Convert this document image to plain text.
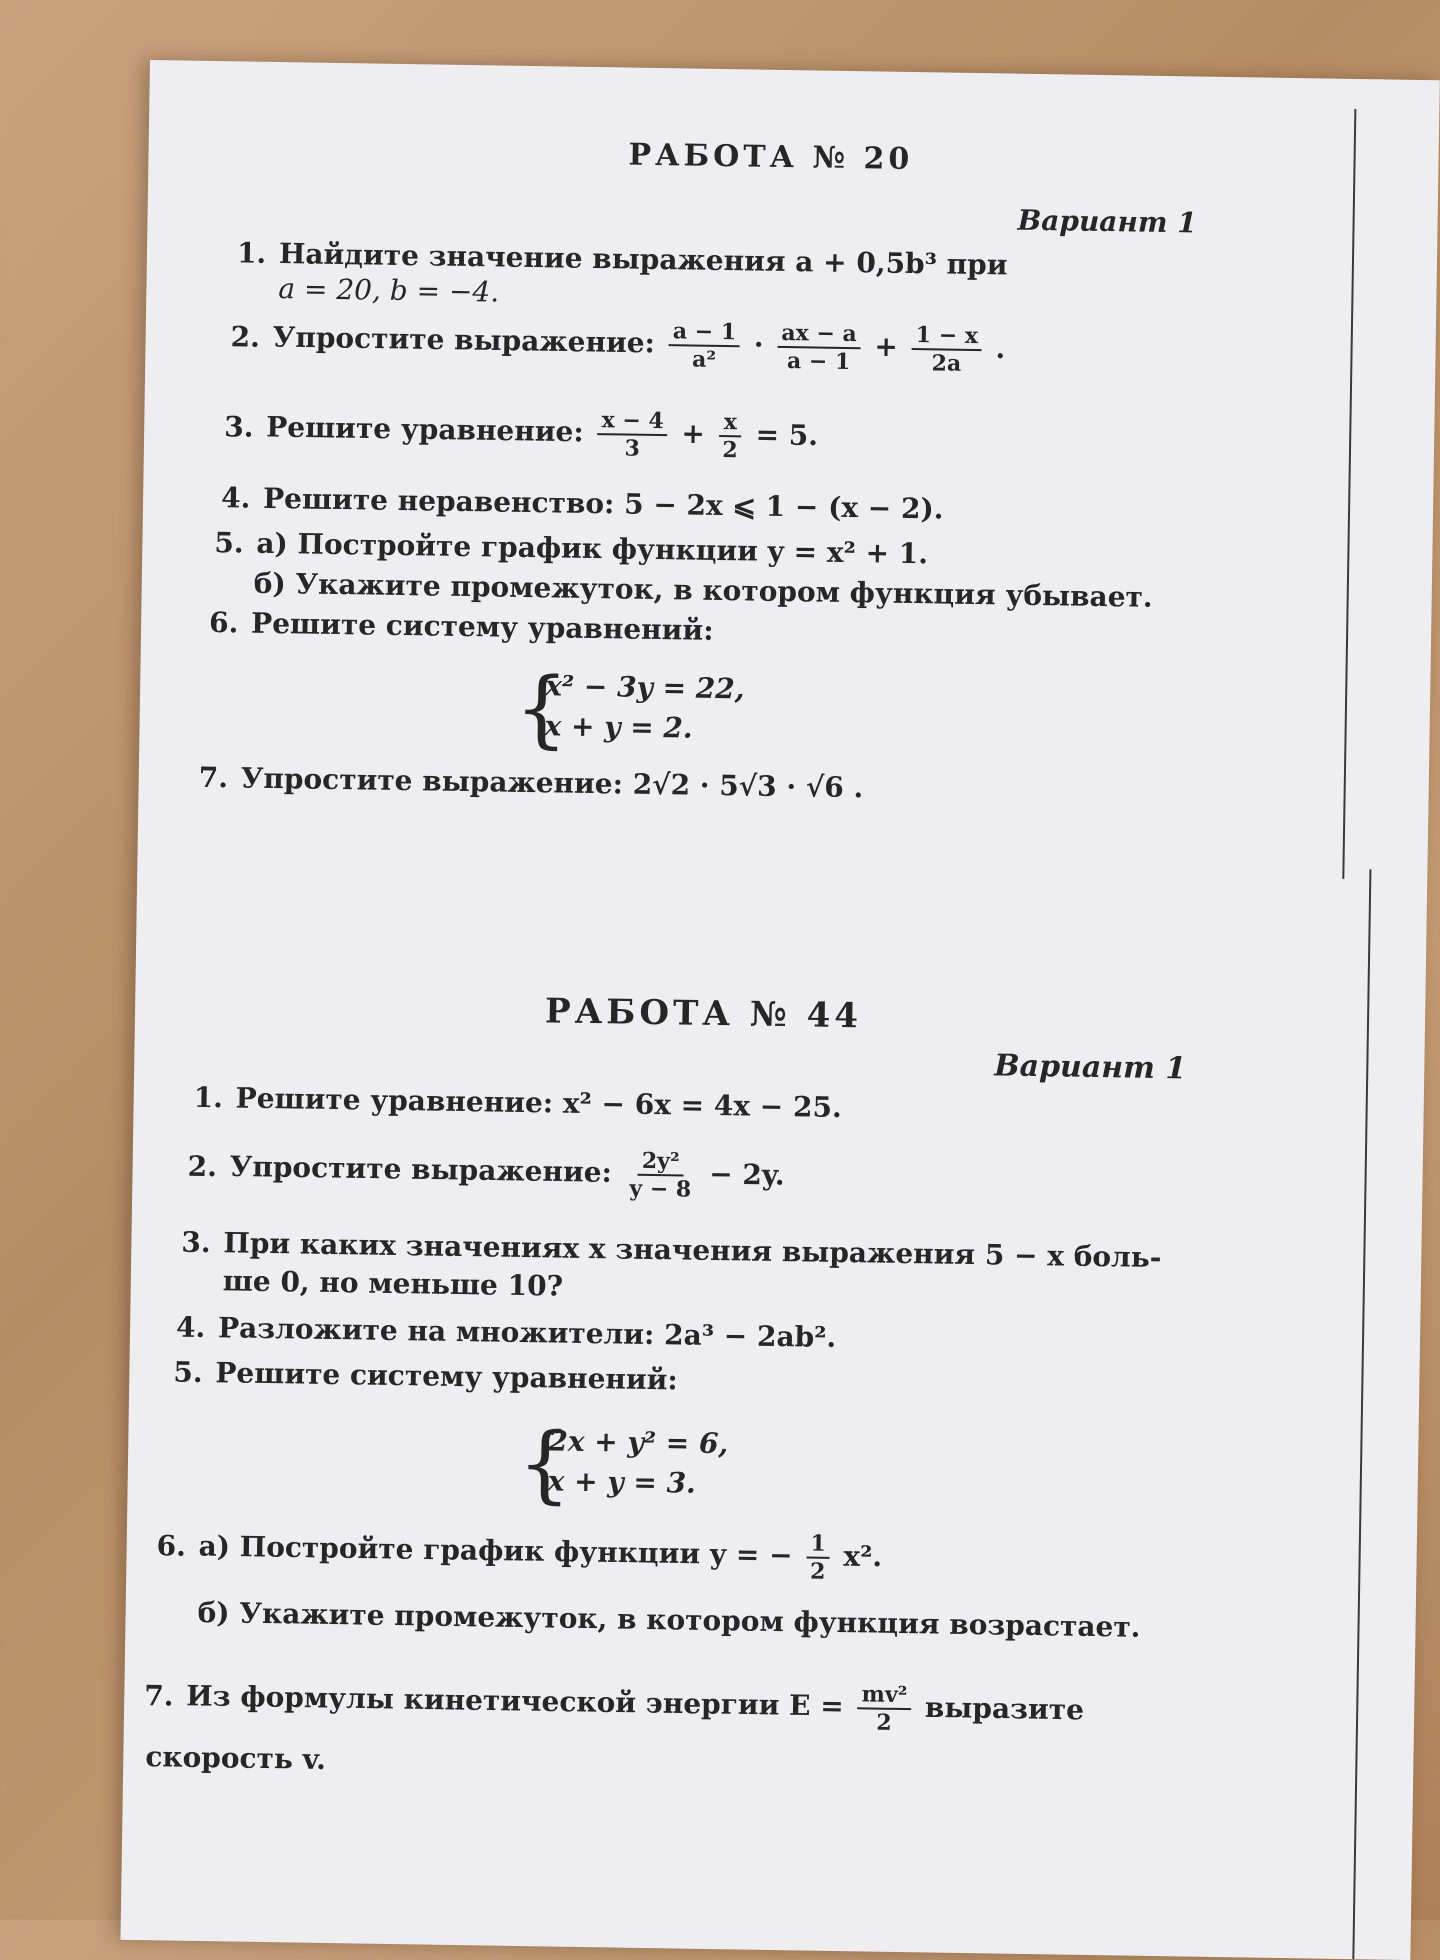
РАБОТА № 20
Вариант 1
1. Найдите значение выражения a + 0,5b³ при
a = 20, b = −4.
2. Упростите выражение: $\frac{a - 1}{\text{a²}} \cdot \frac{ax - a}{a - 1} + \frac{1 - x}{2a}$ .
3. Решите уравнение: $\frac{x - 4}{3} + \frac{x}{2} = 5$.
4. Решите неравенство: 5 − 2x ⩽ 1 − (x − 2).
5. а) Постройте график функции y = x² + 1.
б) Укажите промежуток, в котором функция убывает.
6. Решите систему уравнений:
{
x² − 3y = 22,
x + y = 2.
7. Упростите выражение: 2√2 · 5√3 · √6 .
РАБОТА № 44
Вариант 1
1. Решите уравнение: x² − 6x = 4x − 25.
2. Упростите выражение: $\frac{\text{2y²}}{y - 8} - 2y$.
3. При каких значениях x значения выражения 5 − x боль-
ше 0, но меньше 10?
4. Разложите на множители: 2a³ − 2ab².
5. Решите систему уравнений:
{
2x + y² = 6,
x + y = 3.
6. а) Постройте график функции y = − $\frac{1}{2} x^2$.
б) Укажите промежуток, в котором функция возрастает.
7. Из формулы кинетической энергии $E = \frac{\text{mv²}}{2}$ выразите
скорость v.
